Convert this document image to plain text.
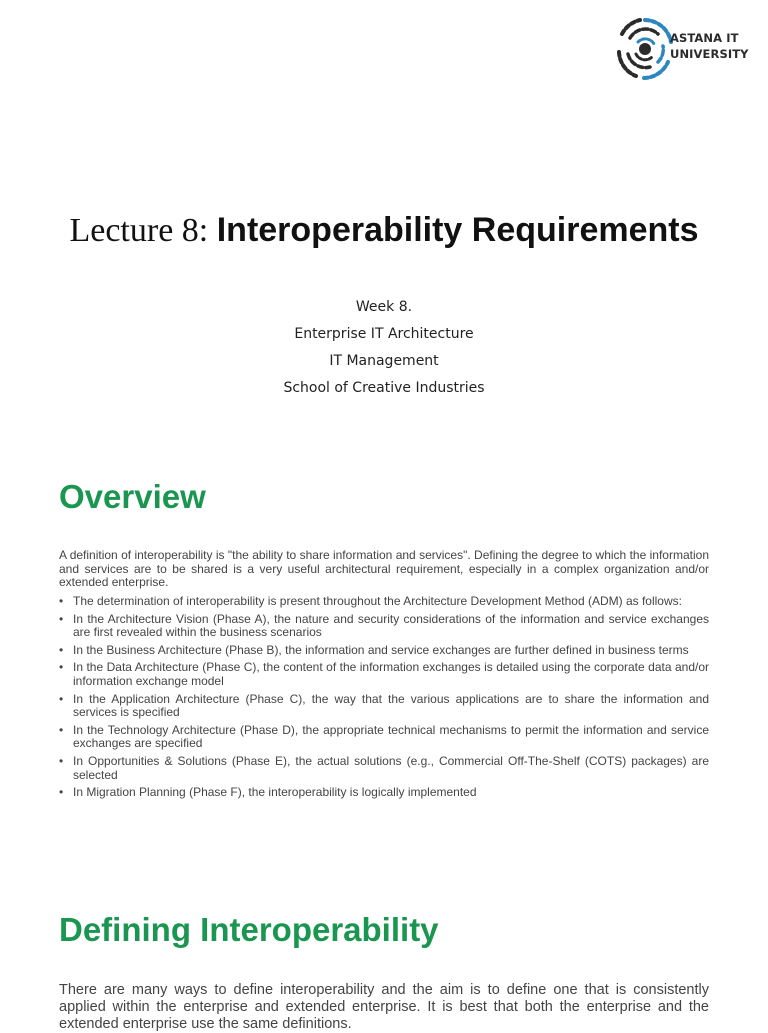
ASTANA IT
UNIVERSITY
Lecture 8: Interoperability Requirements
Week 8.
Enterprise IT Architecture
IT Management
School of Creative Industries
Overview

A definition of interoperability is "the ability to share information and services". Defining the degree to which the information and services are to be shared is a very useful architectural requirement, especially in a complex organization and/or extended enterprise.

• The determination of interoperability is present throughout the Architecture Development Method (ADM) as follows:
• In the Architecture Vision (Phase A), the nature and security considerations of the information and service exchanges are first revealed within the business scenarios
• In the Business Architecture (Phase B), the information and service exchanges are further defined in business terms
• In the Data Architecture (Phase C), the content of the information exchanges is detailed using the corporate data and/or information exchange model
• In the Application Architecture (Phase C), the way that the various applications are to share the information and services is specified
• In the Technology Architecture (Phase D), the appropriate technical mechanisms to permit the information and service exchanges are specified
• In Opportunities & Solutions (Phase E), the actual solutions (e.g., Commercial Off-The-Shelf (COTS) packages) are selected
• In Migration Planning (Phase F), the interoperability is logically implemented
Defining Interoperability

There are many ways to define interoperability and the aim is to define one that is consistently applied within the enterprise and extended enterprise. It is best that both the enterprise and the extended enterprise use the same definitions.
